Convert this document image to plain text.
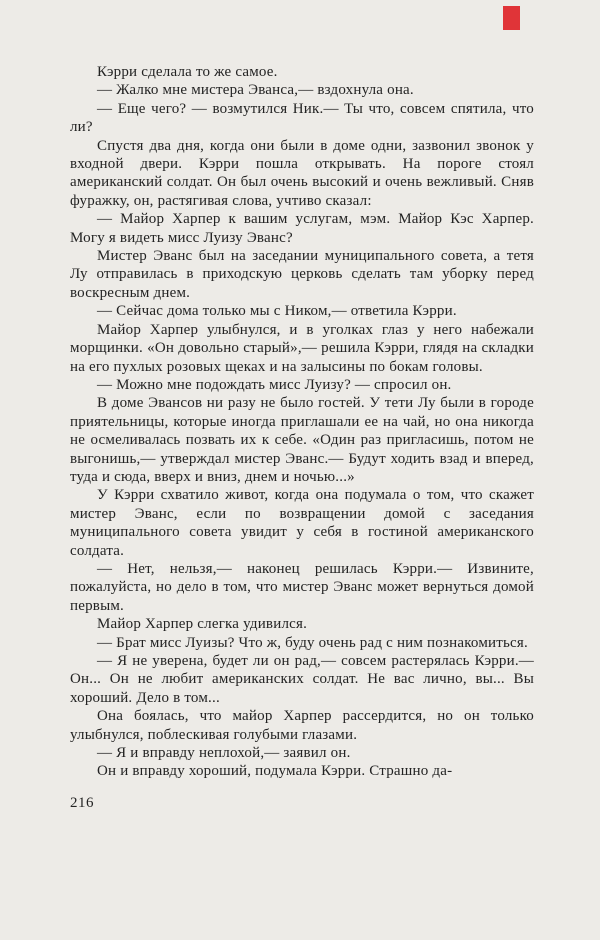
Кэрри сделала то же самое.

— Жалко мне мистера Эванса,— вздохнула она.

— Еще чего? — возмутился Ник.— Ты что, совсем спятила, что ли?

Спустя два дня, когда они были в доме одни, зазвонил звонок у входной двери. Кэрри пошла открывать. На пороге стоял американский солдат. Он был очень высокий и очень вежливый. Сняв фуражку, он, растягивая слова, учтиво сказал:

— Майор Харпер к вашим услугам, мэм. Майор Кэс Харпер. Могу я видеть мисс Луизу Эванс?

Мистер Эванс был на заседании муниципального совета, а тетя Лу отправилась в приходскую церковь сделать там уборку перед воскресным днем.

— Сейчас дома только мы с Ником,— ответила Кэрри.

Майор Харпер улыбнулся, и в уголках глаз у него набежали морщинки. «Он довольно старый»,— решила Кэрри, глядя на складки на его пухлых розовых щеках и на залысины по бокам головы.

— Можно мне подождать мисс Луизу? — спросил он.

В доме Эвансов ни разу не было гостей. У тети Лу были в городе приятельницы, которые иногда приглашали ее на чай, но она никогда не осмеливалась позвать их к себе. «Один раз пригласишь, потом не выгонишь,— утверждал мистер Эванс.— Будут ходить взад и вперед, туда и сюда, вверх и вниз, днем и ночью...»

У Кэрри схватило живот, когда она подумала о том, что скажет мистер Эванс, если по возвращении домой с заседания муниципального совета увидит у себя в гостиной американского солдата.

— Нет, нельзя,— наконец решилась Кэрри.— Извините, пожалуйста, но дело в том, что мистер Эванс может вернуться домой первым.

Майор Харпер слегка удивился.

— Брат мисс Луизы? Что ж, буду очень рад с ним познакомиться.

— Я не уверена, будет ли он рад,— совсем растерялась Кэрри.— Он... Он не любит американских солдат. Не вас лично, вы... Вы хороший. Дело в том...

Она боялась, что майор Харпер рассердится, но он только улыбнулся, поблескивая голубыми глазами.

— Я и вправду неплохой,— заявил он.

Он и вправду хороший, подумала Кэрри. Страшно да-

216
